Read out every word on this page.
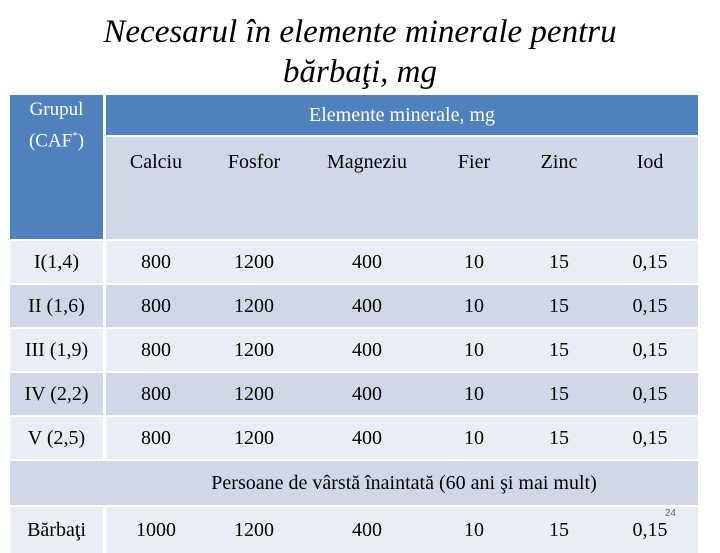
Necesarul în elemente minerale pentru
bărbaţi, mg
Grupul
(CAF*)	Elemente minerale, mg					
	Calciu	Fosfor	Magneziu	Fier	Zinc	Iod
I(1,4)	800	1200	400	10	15	0,15
II (1,6)	800	1200	400	10	15	0,15
III (1,9)	800	1200	400	10	15	0,15
IV (2,2)	800	1200	400	10	15	0,15
V (2,5)	800	1200	400	10	15	0,15
Persoane de vârstă înaintată (60 ani şi mai mult)						
Bărbaţi	1000	1200	400	10	15	0,15
24
